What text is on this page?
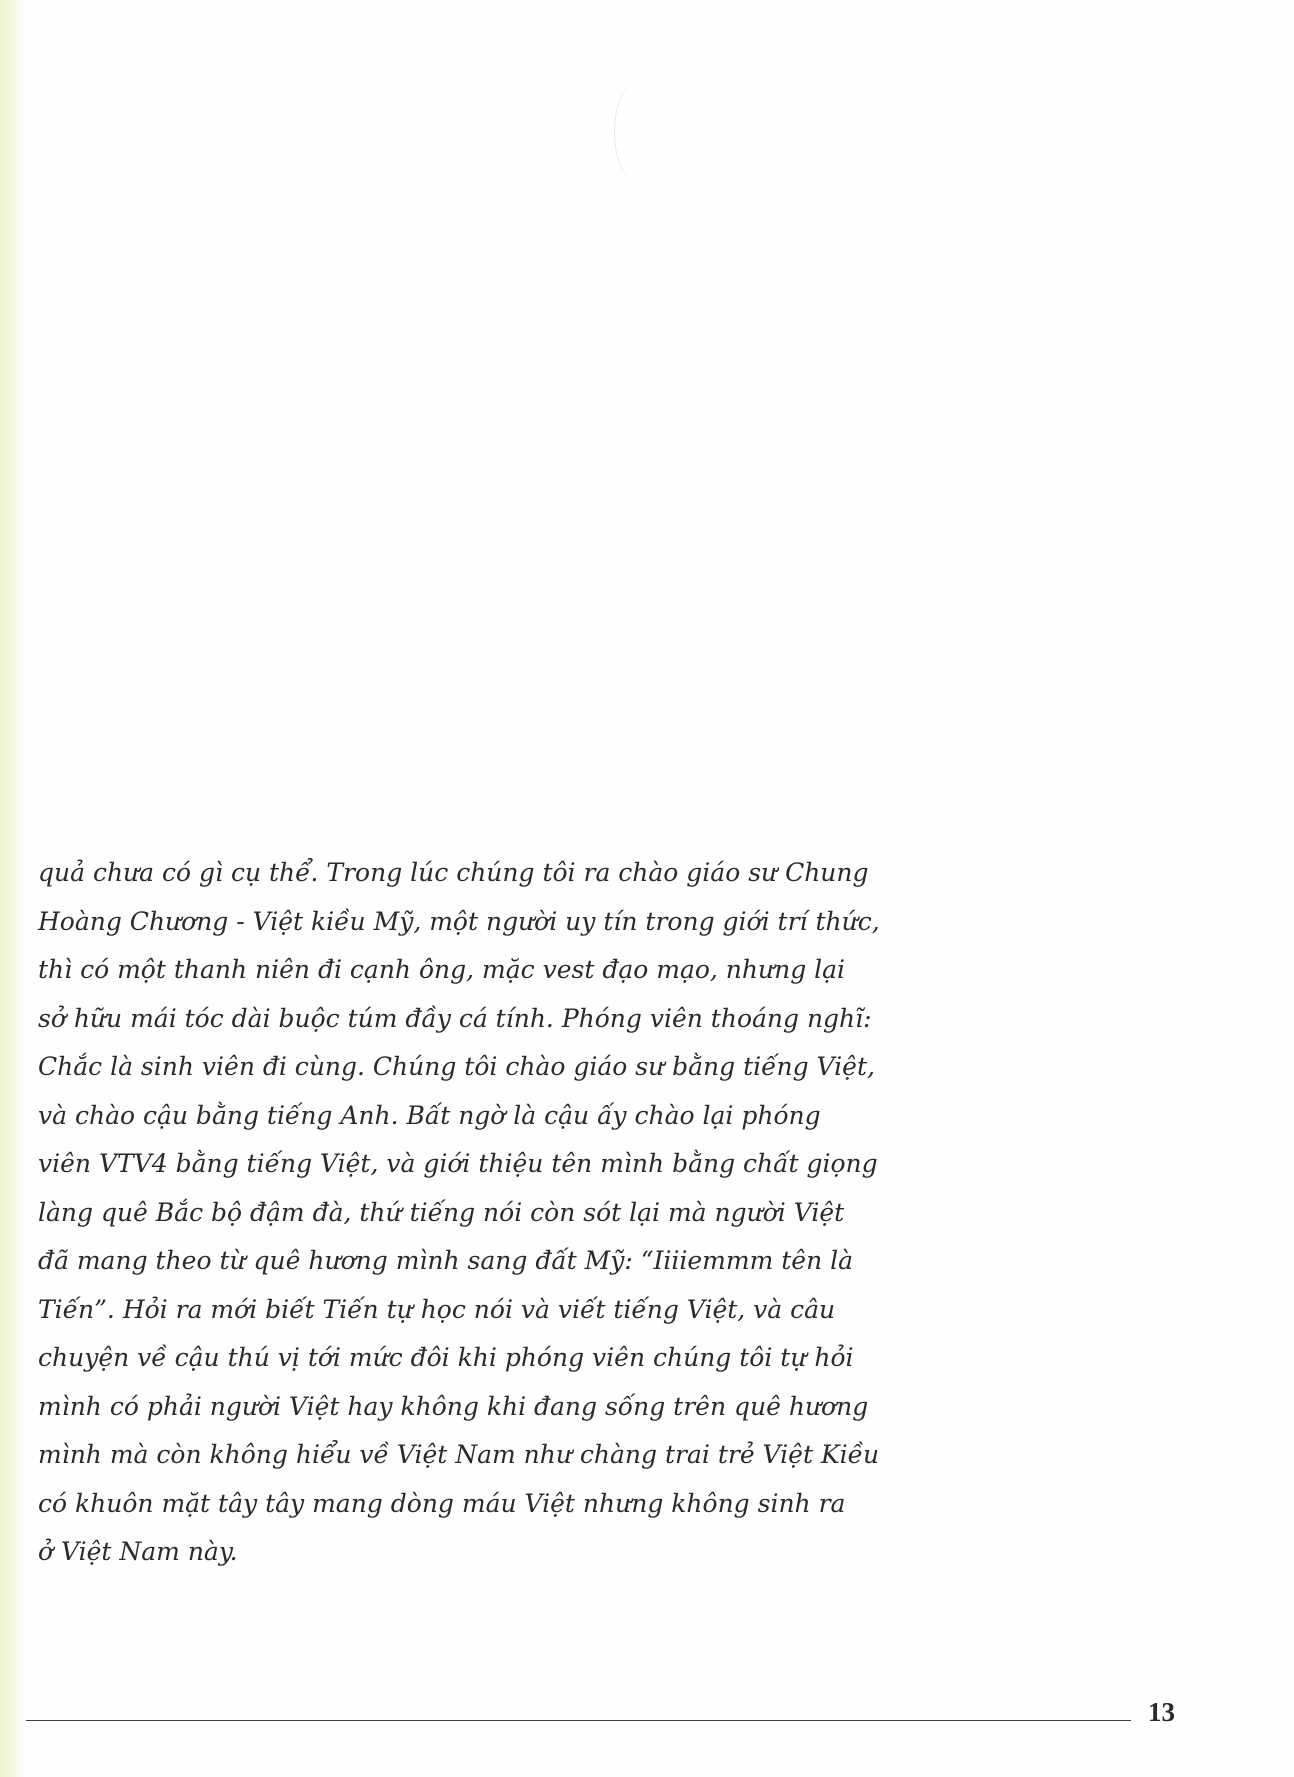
quả chưa có gì cụ thể. Trong lúc chúng tôi ra chào giáo sư Chung
Hoàng Chương - Việt kiều Mỹ, một người uy tín trong giới trí thức,
thì có một thanh niên đi cạnh ông, mặc vest đạo mạo, nhưng lại
sở hữu mái tóc dài buộc túm đầy cá tính. Phóng viên thoáng nghĩ:
Chắc là sinh viên đi cùng. Chúng tôi chào giáo sư bằng tiếng Việt,
và chào cậu bằng tiếng Anh. Bất ngờ là cậu ấy chào lại phóng
viên VTV4 bằng tiếng Việt, và giới thiệu tên mình bằng chất giọng
làng quê Bắc bộ đậm đà, thứ tiếng nói còn sót lại mà người Việt
đã mang theo từ quê hương mình sang đất Mỹ: “Iiiiemmm tên là
Tiến”. Hỏi ra mới biết Tiến tự học nói và viết tiếng Việt, và câu
chuyện về cậu thú vị tới mức đôi khi phóng viên chúng tôi tự hỏi
mình có phải người Việt hay không khi đang sống trên quê hương
mình mà còn không hiểu về Việt Nam như chàng trai trẻ Việt Kiều
có khuôn mặt tây tây mang dòng máu Việt nhưng không sinh ra
ở Việt Nam này.

13
